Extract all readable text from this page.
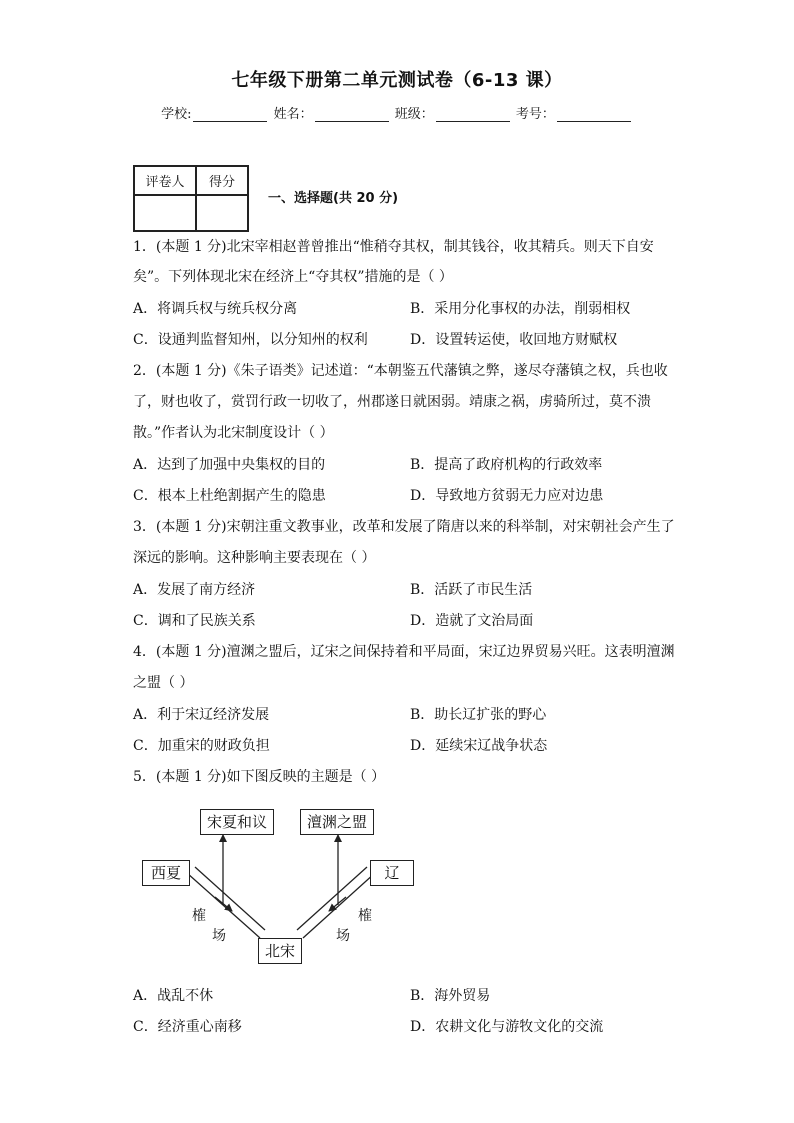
七年级下册第二单元测试卷（6-13 课）
学校:	姓名：	班级：	考号：
评卷人	得分

一、选择题(共 20 分)
1．(本题 1 分)北宋宰相赵普曾推出“惟稍夺其权，制其钱谷，收其精兵。则天下自安
矣”。下列体现北宋在经济上“夺其权”措施的是（ ）
A．将调兵权与统兵权分离	B．采用分化事权的办法，削弱相权
C．设通判监督知州，以分知州的权利	D．设置转运使，收回地方财赋权
2．(本题 1 分)《朱子语类》记述道：“本朝鉴五代藩镇之弊，遂尽夺藩镇之权，兵也收
了，财也收了，赏罚行政一切收了，州郡遂日就困弱。靖康之祸，虏骑所过，莫不溃
散。”作者认为北宋制度设计（ ）
A．达到了加强中央集权的目的	B．提高了政府机构的行政效率
C．根本上杜绝割据产生的隐患	D．导致地方贫弱无力应对边患
3．(本题 1 分)宋朝注重文教事业，改革和发展了隋唐以来的科举制，对宋朝社会产生了
深远的影响。这种影响主要表现在（ ）
A．发展了南方经济	B．活跃了市民生活
C．调和了民族关系	D．造就了文治局面
4．(本题 1 分)澶渊之盟后，辽宋之间保持着和平局面，宋辽边界贸易兴旺。这表明澶渊
之盟（ ）
A．利于宋辽经济发展	B．助长辽扩张的野心
C．加重宋的财政负担	D．延续宋辽战争状态
5．(本题 1 分)如下图反映的主题是（ ）
宋夏和议	澶渊之盟
西夏	辽
北宋
榷
场
榷
场
A．战乱不休	B．海外贸易
C．经济重心南移	D．农耕文化与游牧文化的交流
